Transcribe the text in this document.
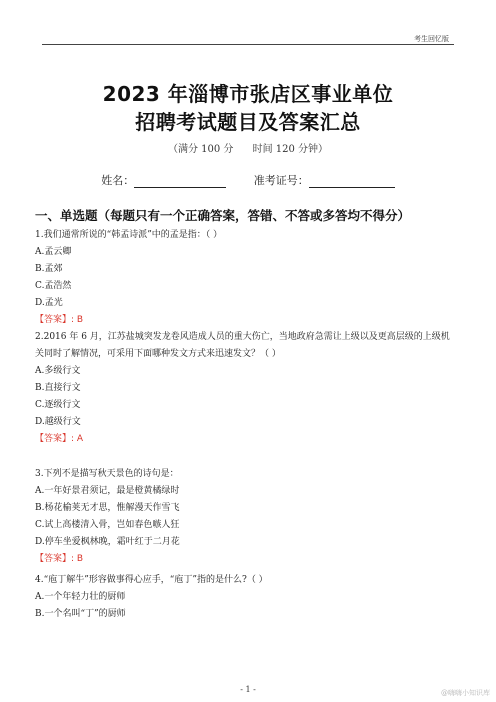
考生回忆版
2023 年淄博市张店区事业单位
招聘考试题目及答案汇总
（满分 100 分 时间 120 分钟）
姓名：	准考证号：
一、单选题（每题只有一个正确答案，答错、不答或多答均不得分）

1.我们通常所说的“韩孟诗派”中的孟是指：（ ）

A.孟云卿

B.孟郊

C.孟浩然

D.孟光

【答案】: B

2.2016 年 6 月，江苏盐城突发龙卷风造成人员的重大伤亡，当地政府急需让上级以及更高层级的上级机关同时了解情况，可采用下面哪种发文方式来迅速发文？（ ）

A.多级行文

B.直接行文

C.逐级行文

D.越级行文

【答案】: A

3.下列不是描写秋天景色的诗句是：

A.一年好景君须记，最是橙黄橘绿时

B.杨花榆荚无才思，惟解漫天作雪飞

C.试上高楼清入骨，岂如春色嗾人狂

D.停车坐爱枫林晚，霜叶红于二月花

【答案】: B

4.“庖丁解牛”形容做事得心应手，“庖丁”指的是什么?（ ）

A.一个年轻力壮的厨师

B.一个名叫“丁”的厨师

- 1 -	@嗨嗨小知识库
